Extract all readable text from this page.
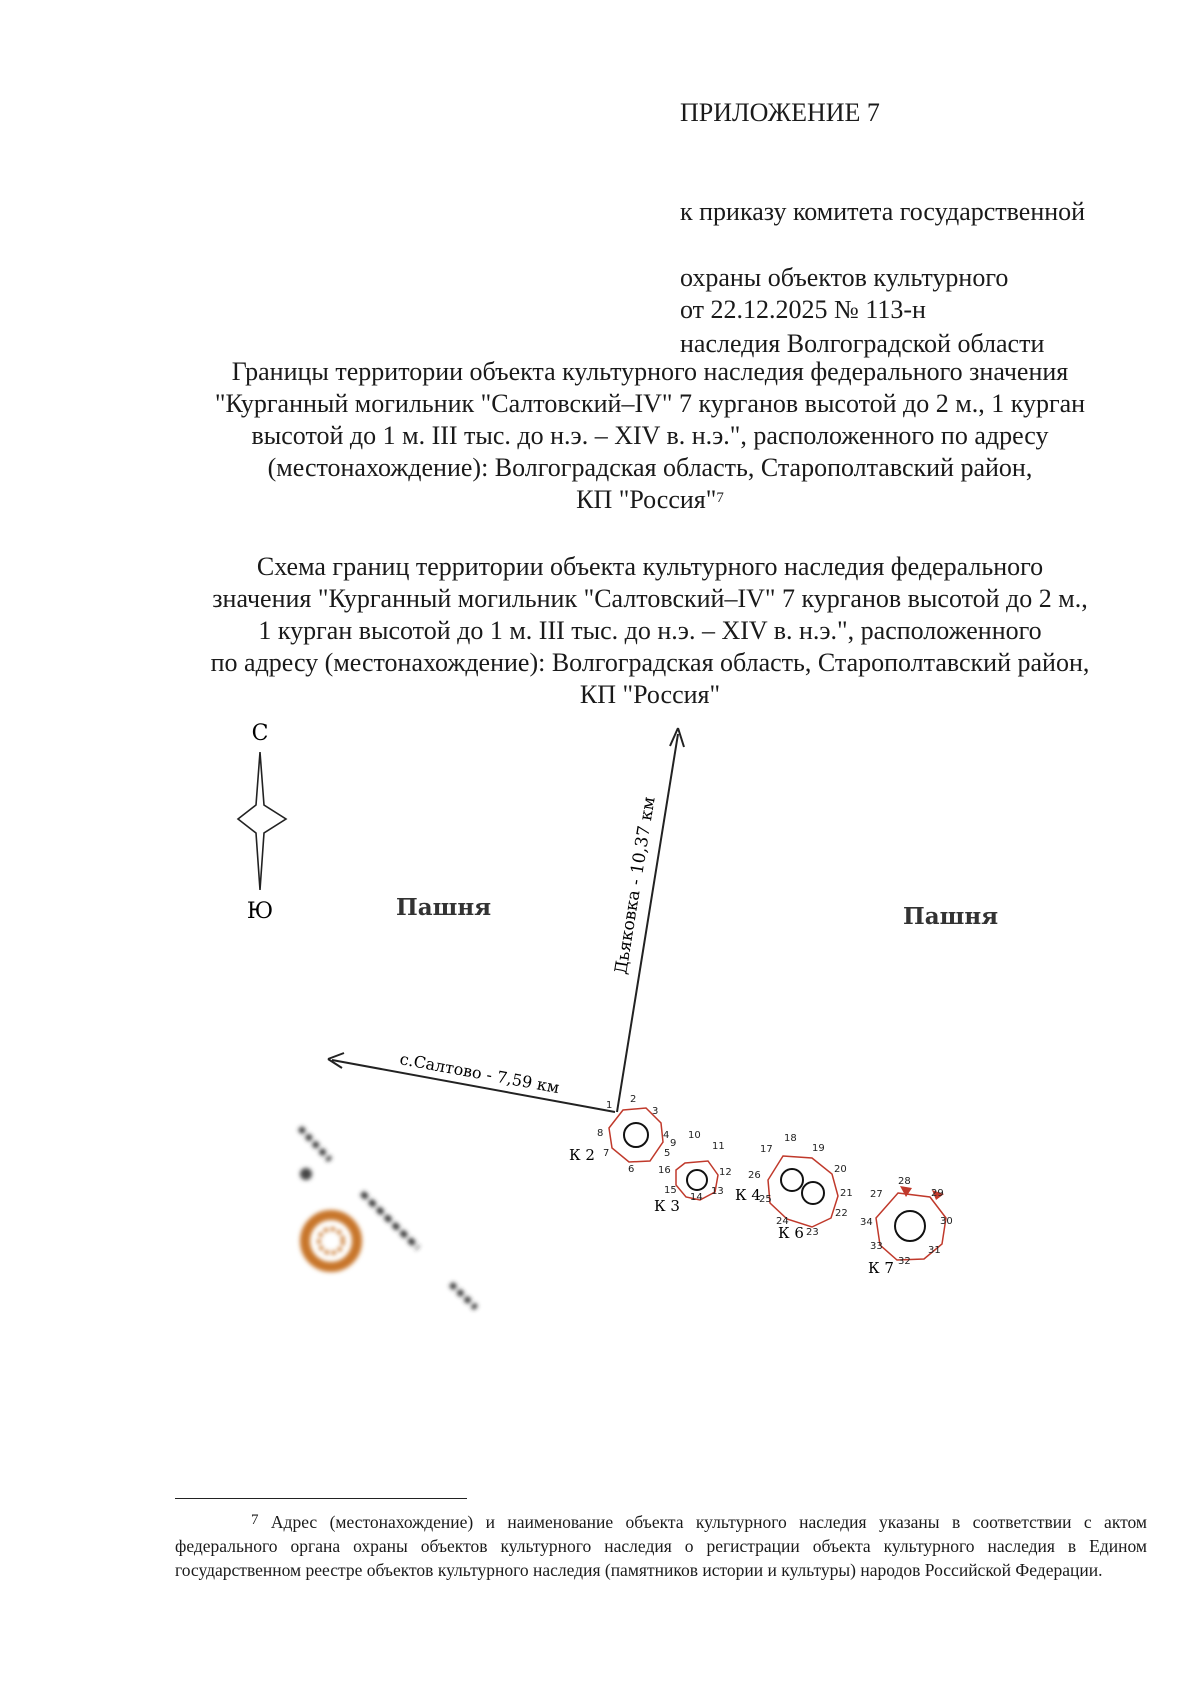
ПРИЛОЖЕНИЕ 7

к приказу комитета государственной

охраны объектов культурного

наследия Волгоградской области

от 22.12.2025 № 113-н
Границы территории объекта культурного наследия федерального значения
"Курганный могильник "Салтовский–IV" 7 курганов высотой до 2 м., 1 курган
высотой до 1 м. III тыс. до н.э. – XIV в. н.э.", расположенного по адресу
(местонахождение): Волгоградская область, Старополтавский район,
КП "Россия"$^7$
Схема границ территории объекта культурного наследия федерального
значения "Курганный могильник "Салтовский–IV" 7 курганов высотой до 2 м.,
1 курган высотой до 1 м. III тыс. до н.э. – XIV в. н.э.", расположенного
по адресу (местонахождение): Волгоградская область, Старополтавский район,
КП "Россия"
С
Ю	Пашня	Пашня
Дьяковка - 10,37 км
с.Салтово - 7,59 км
К 2
К 3
К 4
К 6
К 7
1
2
3
4
5
6
7
8
9
10
11
12
13
14
15
16
17
18
19
20
21
22
23
24
25
26
27
28
29
30
31
32
33
34
$^7$ Адрес (местонахождение) и наименование объекта культурного наследия указаны в соответствии с актом федерального органа охраны объектов культурного наследия о регистрации объекта культурного наследия в Едином государственном реестре объектов культурного наследия (памятников истории и культуры) народов Российской Федерации.
